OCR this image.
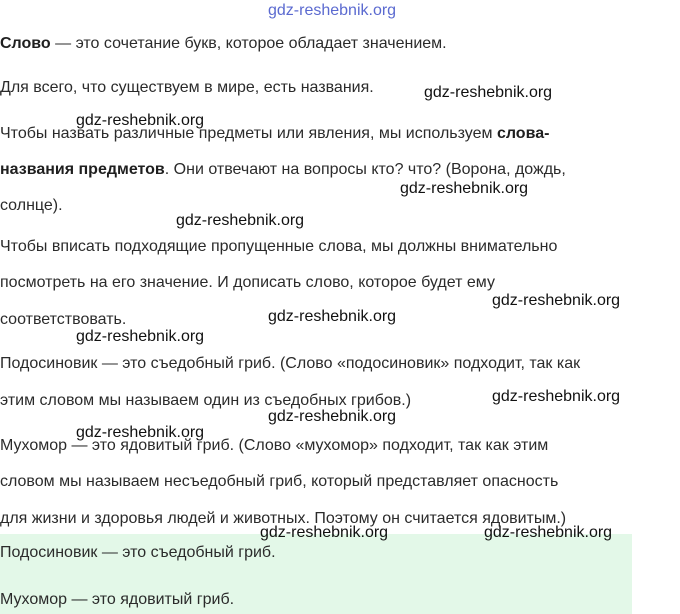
Слово — это сочетание букв, которое обладает значением.

Для всего, что существуем в мире, есть названия.

Чтобы назвать различные предметы или явления, мы используем слова-

названия предметов. Они отвечают на вопросы кто? что? (Ворона, дождь,

солнце).

Чтобы вписать подходящие пропущенные слова, мы должны внимательно

посмотреть на его значение. И дописать слово, которое будет ему

соответствовать.

Подосиновик — это съедобный гриб. (Слово «подосиновик» подходит, так как

этим словом мы называем один из съедобных грибов.)

Мухомор — это ядовитый гриб. (Слово «мухомор» подходит, так как этим

словом мы называем несъедобный гриб, который представляет опасность

для жизни и здоровья людей и животных. Поэтому он считается ядовитым.)

Подосиновик — это съедобный гриб.

Мухомор — это ядовитый гриб.

gdz-reshebnik.org
gdz-reshebnik.org
gdz-reshebnik.org
gdz-reshebnik.org
gdz-reshebnik.org
gdz-reshebnik.org
gdz-reshebnik.org
gdz-reshebnik.org
gdz-reshebnik.org
gdz-reshebnik.org
gdz-reshebnik.org
gdz-reshebnik.org	gdz-reshebnik.org
